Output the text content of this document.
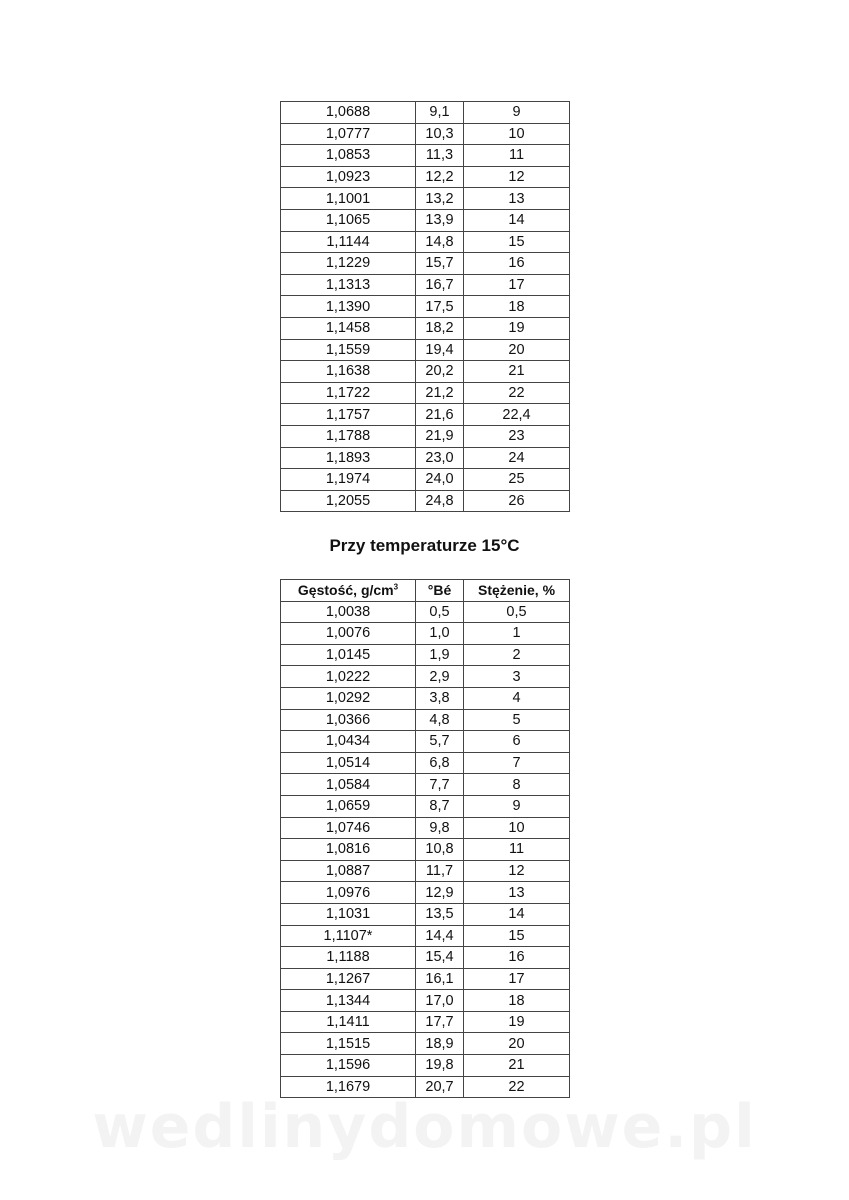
1,0688	9,1	9
1,0777	10,3	10
1,0853	11,3	11
1,0923	12,2	12
1,1001	13,2	13
1,1065	13,9	14
1,1144	14,8	15
1,1229	15,7	16
1,1313	16,7	17
1,1390	17,5	18
1,1458	18,2	19
1,1559	19,4	20
1,1638	20,2	21
1,1722	21,2	22
1,1757	21,6	22,4
1,1788	21,9	23
1,1893	23,0	24
1,1974	24,0	25
1,2055	24,8	26
Przy temperaturze 15°C
Gęstość, $g/cm^3$	°Bé	Stężenie, %
1,0038	0,5	0,5
1,0076	1,0	1
1,0145	1,9	2
1,0222	2,9	3
1,0292	3,8	4
1,0366	4,8	5
1,0434	5,7	6
1,0514	6,8	7
1,0584	7,7	8
1,0659	8,7	9
1,0746	9,8	10
1,0816	10,8	11
1,0887	11,7	12
1,0976	12,9	13
1,1031	13,5	14
1,1107*	14,4	15
1,1188	15,4	16
1,1267	16,1	17
1,1344	17,0	18
1,1411	17,7	19
1,1515	18,9	20
1,1596	19,8	21
1,1679	20,7	22
wedlinydomowe.pl
